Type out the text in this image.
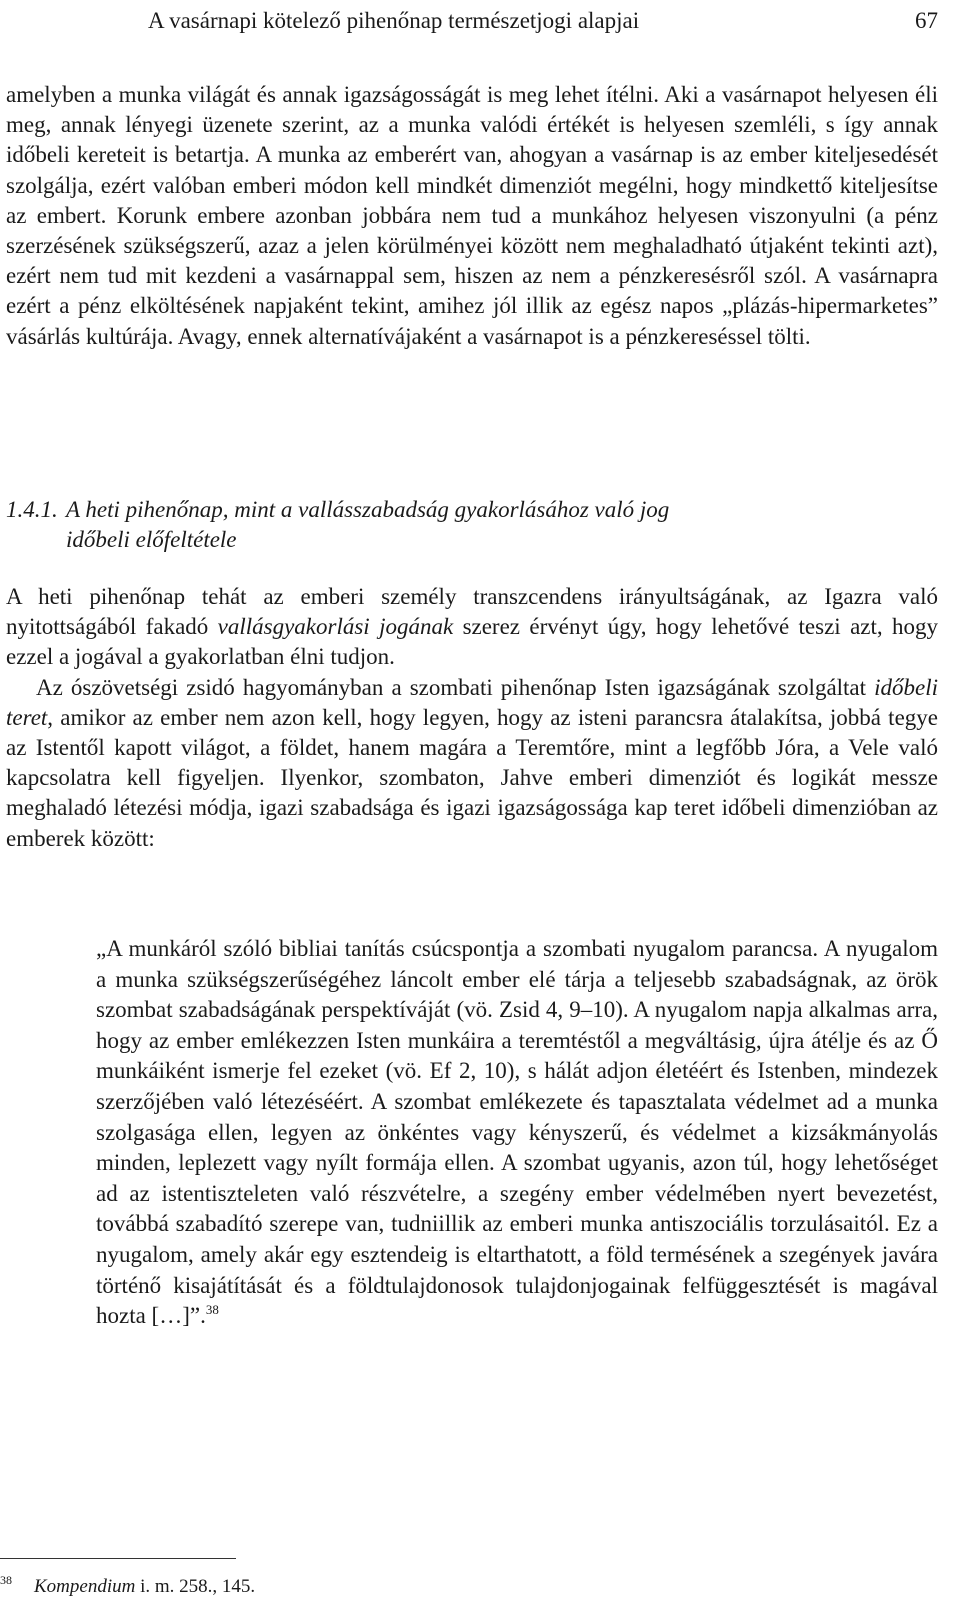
A vasárnapi kötelező pihenőnap természetjogi alapjai	67

amelyben a munka világát és annak igazságosságát is meg lehet ítélni. Aki a vasárnapot helyesen éli meg, annak lényegi üzenete szerint, az a munka valódi értékét is helyesen szemléli, s így annak időbeli kereteit is betartja. A munka az emberért van, ahogyan a vasárnap is az ember kiteljesedését szolgálja, ezért valóban emberi módon kell mindkét dimenziót megélni, hogy mindkettő kiteljesítse az embert. Korunk embere azonban jobbára nem tud a munkához helyesen viszonyulni (a pénz szerzésének szükségszerű, azaz a jelen körülményei között nem meghaladható útjaként tekinti azt), ezért nem tud mit kezdeni a vasárnappal sem, hiszen az nem a pénzkeresésről szól. A vasárnapra ezért a pénz elköltésének napjaként tekint, amihez jól illik az egész napos „plázás-hipermarketes” vásárlás kultúrája. Avagy, ennek alternatívájaként a vasárnapot is a pénzkereséssel tölti.

1.4.1. A heti pihenőnap, mint a vallásszabadság gyakorlásához való jog
időbeli előfeltétele

A heti pihenőnap tehát az emberi személy transzcendens irányultságának, az Igazra való nyitottságából fakadó vallásgyakorlási jogának szerez érvényt úgy, hogy lehetővé teszi azt, hogy ezzel a jogával a gyakorlatban élni tudjon.

Az ószövetségi zsidó hagyományban a szombati pihenőnap Isten igazságának szolgáltat időbeli teret, amikor az ember nem azon kell, hogy legyen, hogy az isteni parancsra átalakítsa, jobbá tegye az Istentől kapott világot, a földet, hanem magára a Teremtőre, mint a legfőbb Jóra, a Vele való kapcsolatra kell figyeljen. Ilyenkor, szombaton, Jahve emberi dimenziót és logikát messze meghaladó létezési módja, igazi szabadsága és igazi igazságossága kap teret időbeli dimenzióban az emberek között:

„A munkáról szóló bibliai tanítás csúcspontja a szombati nyugalom parancsa. A nyugalom a munka szükségszerűségéhez láncolt ember elé tárja a teljesebb szabadságnak, az örök szombat szabadságának perspektíváját (vö. Zsid 4, 9–10). A nyugalom napja alkalmas arra, hogy az ember emlékezzen Isten munkáira a teremtéstől a megváltásig, újra átélje és az Ő munkáiként ismerje fel ezeket (vö. Ef 2, 10), s hálát adjon életéért és Istenben, mindezek szerzőjében való létezéséért. A szombat emlékezete és tapasztalata védelmet ad a munka szolgasága ellen, legyen az önkéntes vagy kényszerű, és védelmet a kizsákmányolás minden, leplezett vagy nyílt formája ellen. A szombat ugyanis, azon túl, hogy lehetőséget ad az istentiszteleten való részvételre, a szegény ember védelmében nyert bevezetést, továbbá szabadító szerepe van, tudniillik az emberi munka antiszociális torzulásaitól. Ez a nyugalom, amely akár egy esztendeig is eltarthatott, a föld termésének a szegények javára történő kisajátítását és a földtulajdonosok tulajdonjogainak felfüggesztését is magával hozta […]”.$^{38}$

$^{38}$ Kompendium i. m. 258., 145.
